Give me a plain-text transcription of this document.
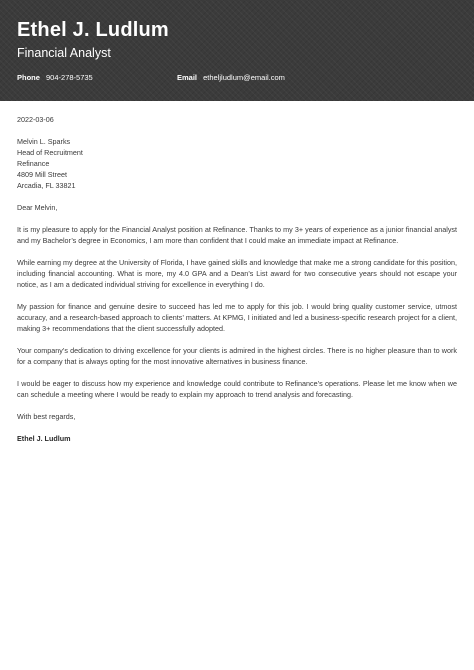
Ethel J. Ludlum
Financial Analyst
Phone 904-278-5735	Email etheljludlum@email.com
2022-03-06
Melvin L. Sparks
Head of Recruitment
Refinance
4809 Mill Street
Arcadia, FL 33821

Dear Melvin,

It is my pleasure to apply for the Financial Analyst position at Refinance. Thanks to my 3+ years of experience as a junior financial analyst and my Bachelor’s degree in Economics, I am more than confident that I could make an immediate impact at Refinance.

While earning my degree at the University of Florida, I have gained skills and knowledge that make me a strong candidate for this position, including financial accounting. What is more, my 4.0 GPA and a Dean’s List award for two consecutive years should not escape your notice, as I am a dedicated individual striving for excellence in everything I do.

My passion for finance and genuine desire to succeed has led me to apply for this job. I would bring quality customer service, utmost accuracy, and a research-based approach to clients’ matters. At KPMG, I initiated and led a business-specific research project for a client, making 3+ recommendations that the client successfully adopted.

Your company’s dedication to driving excellence for your clients is admired in the highest circles. There is no higher pleasure than to work for a company that is always opting for the most innovative alternatives in business finance.

I would be eager to discuss how my experience and knowledge could contribute to Refinance’s operations. Please let me know when we can schedule a meeting where I would be ready to explain my approach to trend analysis and forecasting.

With best regards,

Ethel J. Ludlum
